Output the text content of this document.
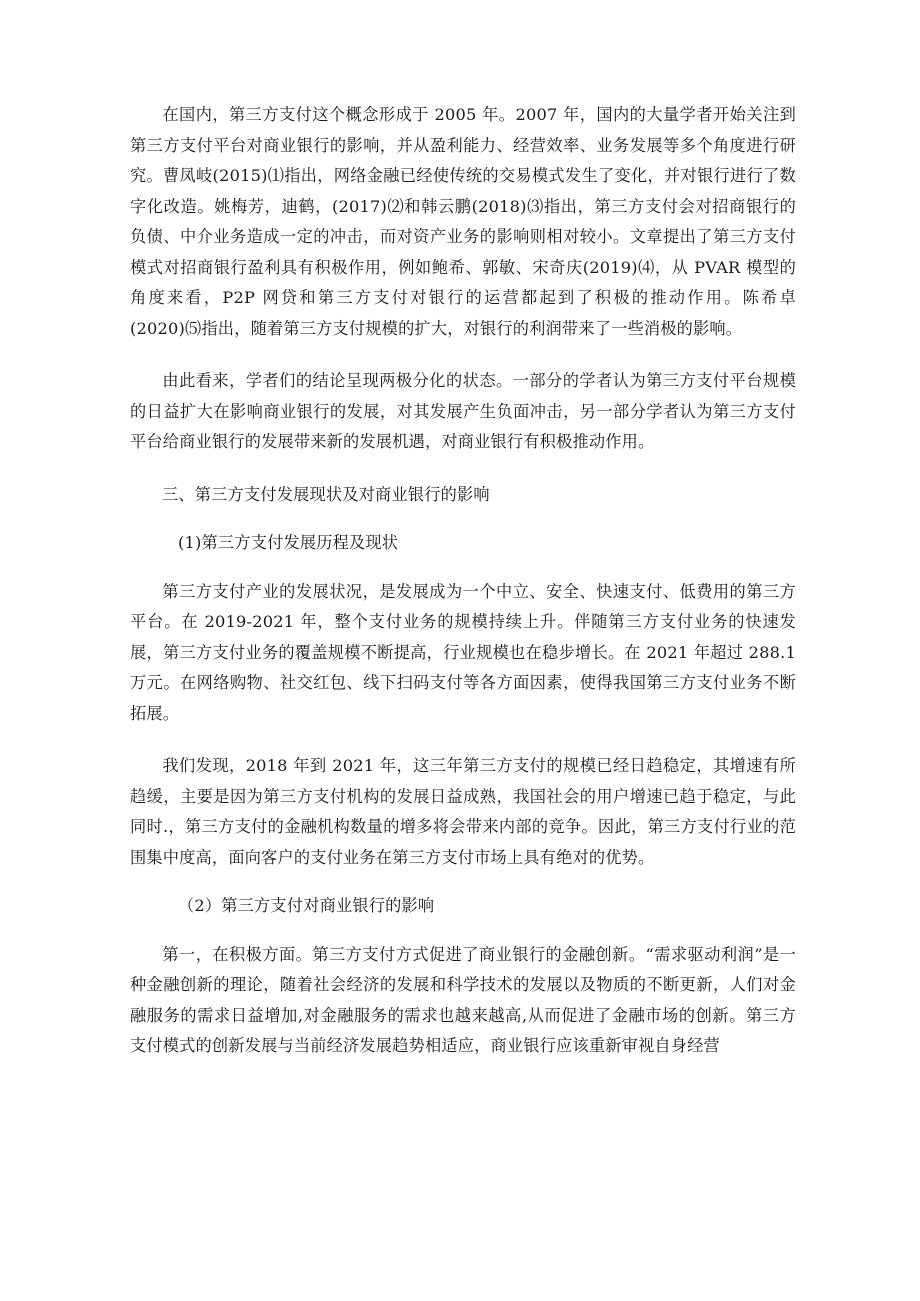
在国内，第三方支付这个概念形成于 2005 年。2007 年，国内的大量学者开始关注到第三方支付平台对商业银行的影响，并从盈利能力、经营效率、业务发展等多个角度进行研究。曹凤岐(2015)⑴指出，网络金融已经使传统的交易模式发生了变化，并对银行进行了数字化改造。姚梅芳，迪鹤，(2017)⑵和韩云鹏(2018)⑶指出，第三方支付会对招商银行的负债、中介业务造成一定的冲击，而对资产业务的影响则相对较小。文章提出了第三方支付模式对招商银行盈利具有积极作用，例如鲍希、郭敏、宋奇庆(2019)⑷，从 PVAR 模型的角度来看，P2P 网贷和第三方支付对银行的运营都起到了积极的推动作用。陈希卓(2020)⑸指出，随着第三方支付规模的扩大，对银行的利润带来了一些消极的影响。

由此看来，学者们的结论呈现两极分化的状态。一部分的学者认为第三方支付平台规模的日益扩大在影响商业银行的发展，对其发展产生负面冲击，另一部分学者认为第三方支付平台给商业银行的发展带来新的发展机遇，对商业银行有积极推动作用。

三、第三方支付发展现状及对商业银行的影响

(1)第三方支付发展历程及现状

第三方支付产业的发展状况，是发展成为一个中立、安全、快速支付、低费用的第三方平台。在 2019-2021 年，整个支付业务的规模持续上升。伴随第三方支付业务的快速发展，第三方支付业务的覆盖规模不断提高，行业规模也在稳步增长。在 2021 年超过 288.1 万元。在网络购物、社交红包、线下扫码支付等各方面因素，使得我国第三方支付业务不断拓展。

我们发现，2018 年到 2021 年，这三年第三方支付的规模已经日趋稳定，其增速有所趋缓，主要是因为第三方支付机构的发展日益成熟，我国社会的用户增速已趋于稳定，与此同时.，第三方支付的金融机构数量的增多将会带来内部的竞争。因此，第三方支付行业的范围集中度高，面向客户的支付业务在第三方支付市场上具有绝对的优势。

（2）第三方支付对商业银行的影响

第一，在积极方面。第三方支付方式促进了商业银行的金融创新。“需求驱动利润”是一种金融创新的理论，随着社会经济的发展和科学技术的发展以及物质的不断更新，人们对金融服务的需求日益增加,对金融服务的需求也越来越高,从而促进了金融市场的创新。第三方支付模式的创新发展与当前经济发展趋势相适应，商业银行应该重新审视自身经营
